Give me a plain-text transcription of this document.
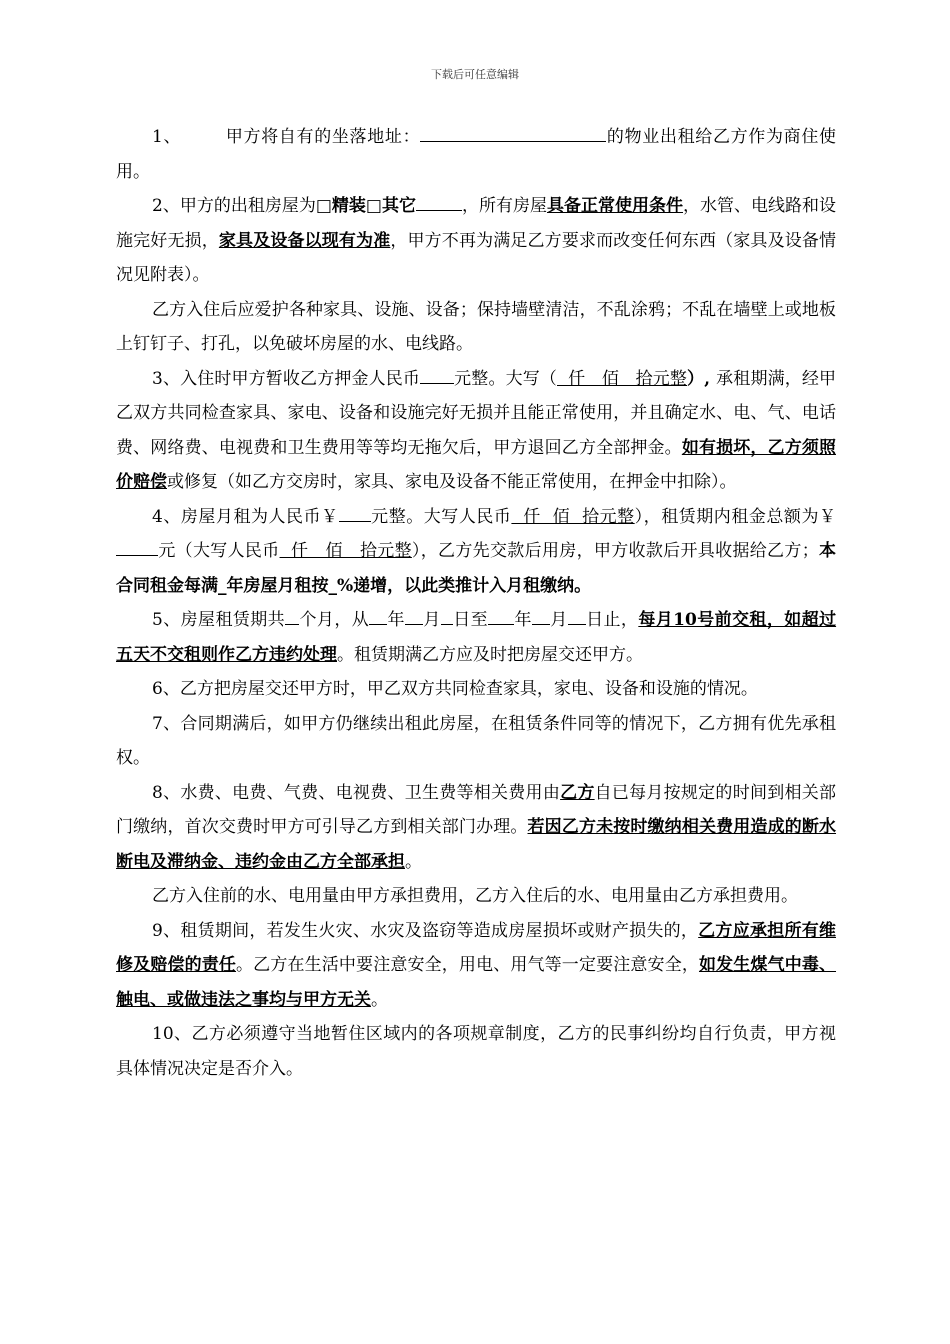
下载后可任意编辑

1、	甲方将自有的坐落地址：	的物业出租给乙方作为商住使用。

2、甲方的出租房屋为□精装□其它	，所有房屋具备正常使用条件，水管、电线路和设施完好无损，家具及设备以现有为准，甲方不再为满足乙方要求而改变任何东西（家具及设备情况见附表）。

乙方入住后应爱护各种家具、设施、设备；保持墙壁清洁，不乱涂鸦；不乱在墙壁上或地板上钉钉子、打孔，以免破坏房屋的水、电线路。

3、入住时甲方暂收乙方押金人民币 元整。大写（  仟   佰   拾元整）, 承租期满，经甲乙双方共同检查家具、家电、设备和设施完好无损并且能正常使用，并且确定水、电、气、电话费、网络费、电视费和卫生费用等等均无拖欠后，甲方退回乙方全部押金。如有损坏，乙方须照价赔偿或修复（如乙方交房时，家具、家电及设备不能正常使用，在押金中扣除）。

4、房屋月租为人民币￥ 元整。大写人民币  仟  佰  拾元整），租赁期内租金总额为￥元（大写人民币  仟   佰   拾元整），乙方先交款后用房，甲方收款后开具收据给乙方；本合同租金每满_年房屋月租按_%递增，以此类推计入月租缴纳。

5、房屋租赁期共 个月，从 年 月 日至 年 月 日止，每月10号前交租，如超过五天不交租则作乙方违约处理。租赁期满乙方应及时把房屋交还甲方。

6、乙方把房屋交还甲方时，甲乙双方共同检查家具，家电、设备和设施的情况。

7、合同期满后，如甲方仍继续出租此房屋，在租赁条件同等的情况下，乙方拥有优先承租权。

8、水费、电费、气费、电视费、卫生费等相关费用由乙方自已每月按规定的时间到相关部门缴纳，首次交费时甲方可引导乙方到相关部门办理。若因乙方未按时缴纳相关费用造成的断水断电及滞纳金、违约金由乙方全部承担。

乙方入住前的水、电用量由甲方承担费用，乙方入住后的水、电用量由乙方承担费用。

9、租赁期间，若发生火灾、水灾及盗窃等造成房屋损坏或财产损失的，乙方应承担所有维修及赔偿的责任。乙方在生活中要注意安全，用电、用气等一定要注意安全，如发生煤气中毒、触电、或做违法之事均与甲方无关。

10、乙方必须遵守当地暂住区域内的各项规章制度，乙方的民事纠纷均自行负责，甲方视具体情况决定是否介入。
